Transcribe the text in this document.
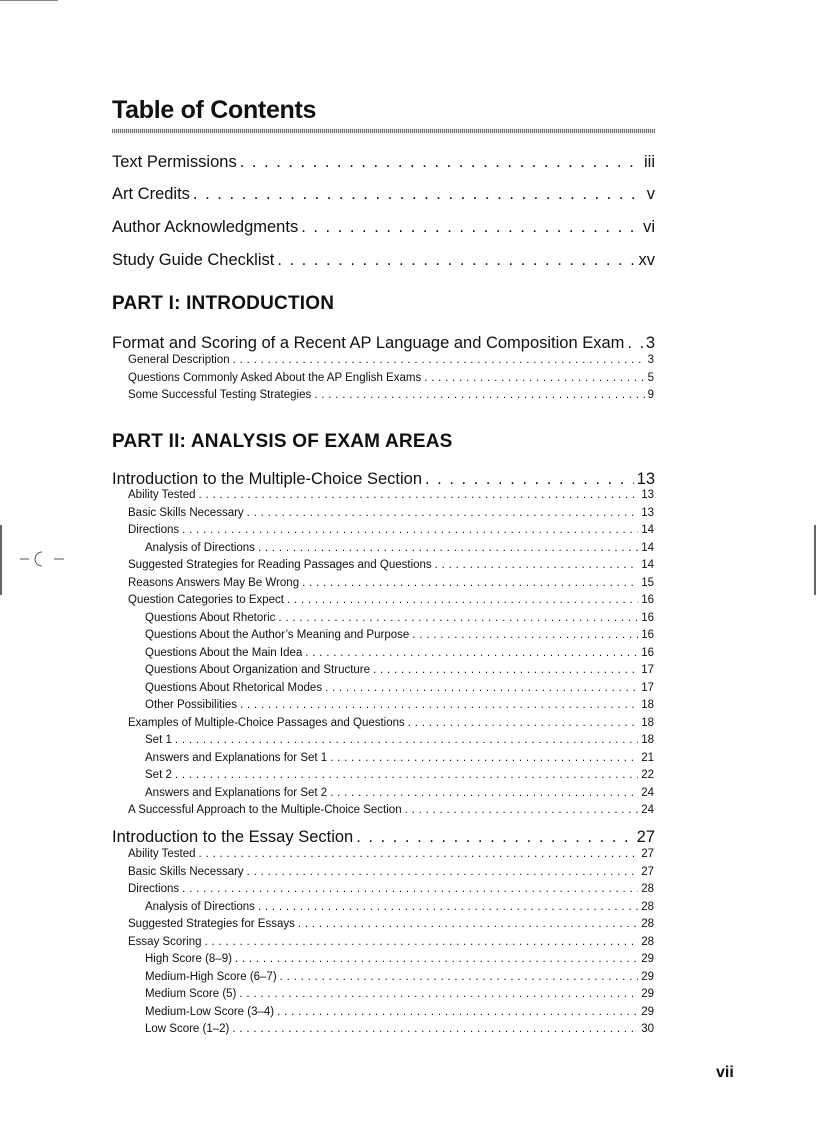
Table of Contents
Text Permissions . . .	iii
Art Credits . . .	v
Author Acknowledgments . . .	vi
Study Guide Checklist . . .	xv
PART I: INTRODUCTION
Format and Scoring of a Recent AP Language and Composition Exam . . . 3
General Description . . .	3
Questions Commonly Asked About the AP English Exams . . .	5
Some Successful Testing Strategies . . .	9
PART II: ANALYSIS OF EXAM AREAS
Introduction to the Multiple-Choice Section . . .	13
Ability Tested . . .	13
Basic Skills Necessary . . .	13
Directions . . .	14
Analysis of Directions . . .	14
Suggested Strategies for Reading Passages and Questions . . .	14
Reasons Answers May Be Wrong . . .	15
Question Categories to Expect . . .	16
Questions About Rhetoric . . .	16
Questions About the Author’s Meaning and Purpose . . .	16
Questions About the Main Idea . . .	16
Questions About Organization and Structure . . .	17
Questions About Rhetorical Modes . . .	17
Other Possibilities . . .	18
Examples of Multiple-Choice Passages and Questions . . .	18
Set 1 . . .	18
Answers and Explanations for Set 1 . . .	21
Set 2 . . .	22
Answers and Explanations for Set 2 . . .	24
A Successful Approach to the Multiple-Choice Section . . .	24
Introduction to the Essay Section . . .	27
Ability Tested . . .	27
Basic Skills Necessary . . .	27
Directions . . .	28
Analysis of Directions . . .	28
Suggested Strategies for Essays . . .	28
Essay Scoring . . .	28
High Score (8–9) . . .	29
Medium-High Score (6–7) . . .	29
Medium Score (5) . . .	29
Medium-Low Score (3–4) . . .	29
Low Score (1–2) . . .	30
vii
